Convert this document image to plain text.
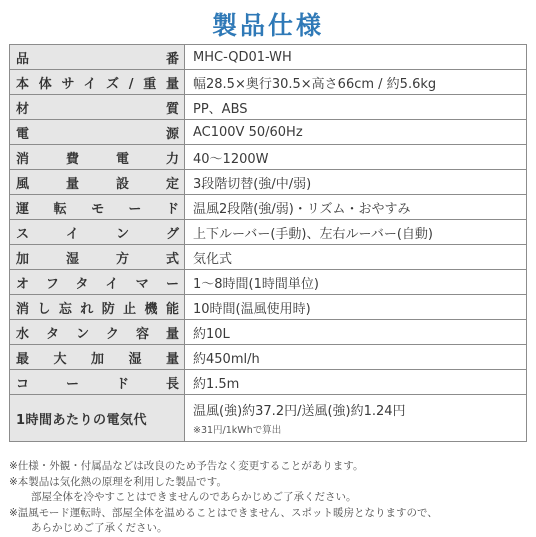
製品仕様
品番	MHC-QD01-WH

本体サイズ/重量	幅28.5×奥行30.5×高さ66cm / 約5.6kg

材質	PP、ABS

電源	AC100V 50/60Hz

消費電力	40〜1200W

風量設定	3段階切替(強/中/弱)

運転モード	温風2段階(強/弱)・リズム・おやすみ

スイング	上下ルーバー(手動)、左右ルーバー(自動)

加湿方式	気化式

オフタイマー	1〜8時間(1時間単位)

消し忘れ防止機能	10時間(温風使用時)

水タンク容量	約10L

最大加湿量	約450ml/h

コード長	約1.5m

1時間あたりの電気代	温風(強)約37.2円/送風(強)約1.24円
※31円/1kWhで算出
※仕様・外観・付属品などは改良のため予告なく変更することがあります。
※本製品は気化熱の原理を利用した製品です。
部屋全体を冷やすことはできませんのであらかじめご了承ください。
※温風モード運転時、部屋全体を温めることはできません、スポット暖房となりますので、
あらかじめご了承ください。
